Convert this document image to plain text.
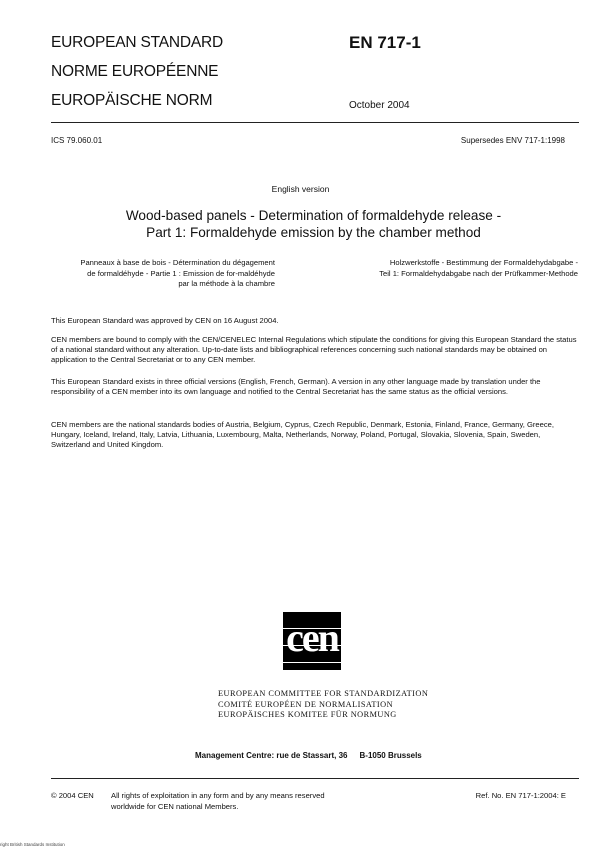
EUROPEAN STANDARD
NORME EUROPÉENNE
EUROPÄISCHE NORM
EN 717-1
October 2004
ICS 79.060.01	Supersedes ENV 717-1:1998
English version
Wood-based panels - Determination of formaldehyde release -
Part 1: Formaldehyde emission by the chamber method
Panneaux à base de bois - Détermination du dégagement
de formaldéhyde - Partie 1 : Emission de for-maldéhyde
par la méthode à la chambre
Holzwerkstoffe - Bestimmung der Formaldehydabgabe -
Teil 1: Formaldehydabgabe nach der Prüfkammer-Methode
This European Standard was approved by CEN on 16 August 2004.
CEN members are bound to comply with the CEN/CENELEC Internal Regulations which stipulate the conditions for giving this European Standard the status of a national standard without any alteration. Up-to-date lists and bibliographical references concerning such national standards may be obtained on application to the Central Secretariat or to any CEN member.
This European Standard exists in three official versions (English, French, German). A version in any other language made by translation under the responsibility of a CEN member into its own language and notified to the Central Secretariat has the same status as the official versions.
CEN members are the national standards bodies of Austria, Belgium, Cyprus, Czech Republic, Denmark, Estonia, Finland, France, Germany, Greece, Hungary, Iceland, Ireland, Italy, Latvia, Lithuania, Luxembourg, Malta, Netherlands, Norway, Poland, Portugal, Slovakia, Slovenia, Spain, Sweden, Switzerland and United Kingdom.
cen
EUROPEAN COMMITTEE FOR STANDARDIZATION
COMITÉ EUROPÉEN DE NORMALISATION
EUROPÄISCHES KOMITEE FÜR NORMUNG
Management Centre: rue de Stassart, 36 B-1050 Brussels
© 2004 CEN All rights of exploitation in any form and by any means reserved
worldwide for CEN national Members.
Ref. No. EN 717-1:2004: E
right British Standards Institution
